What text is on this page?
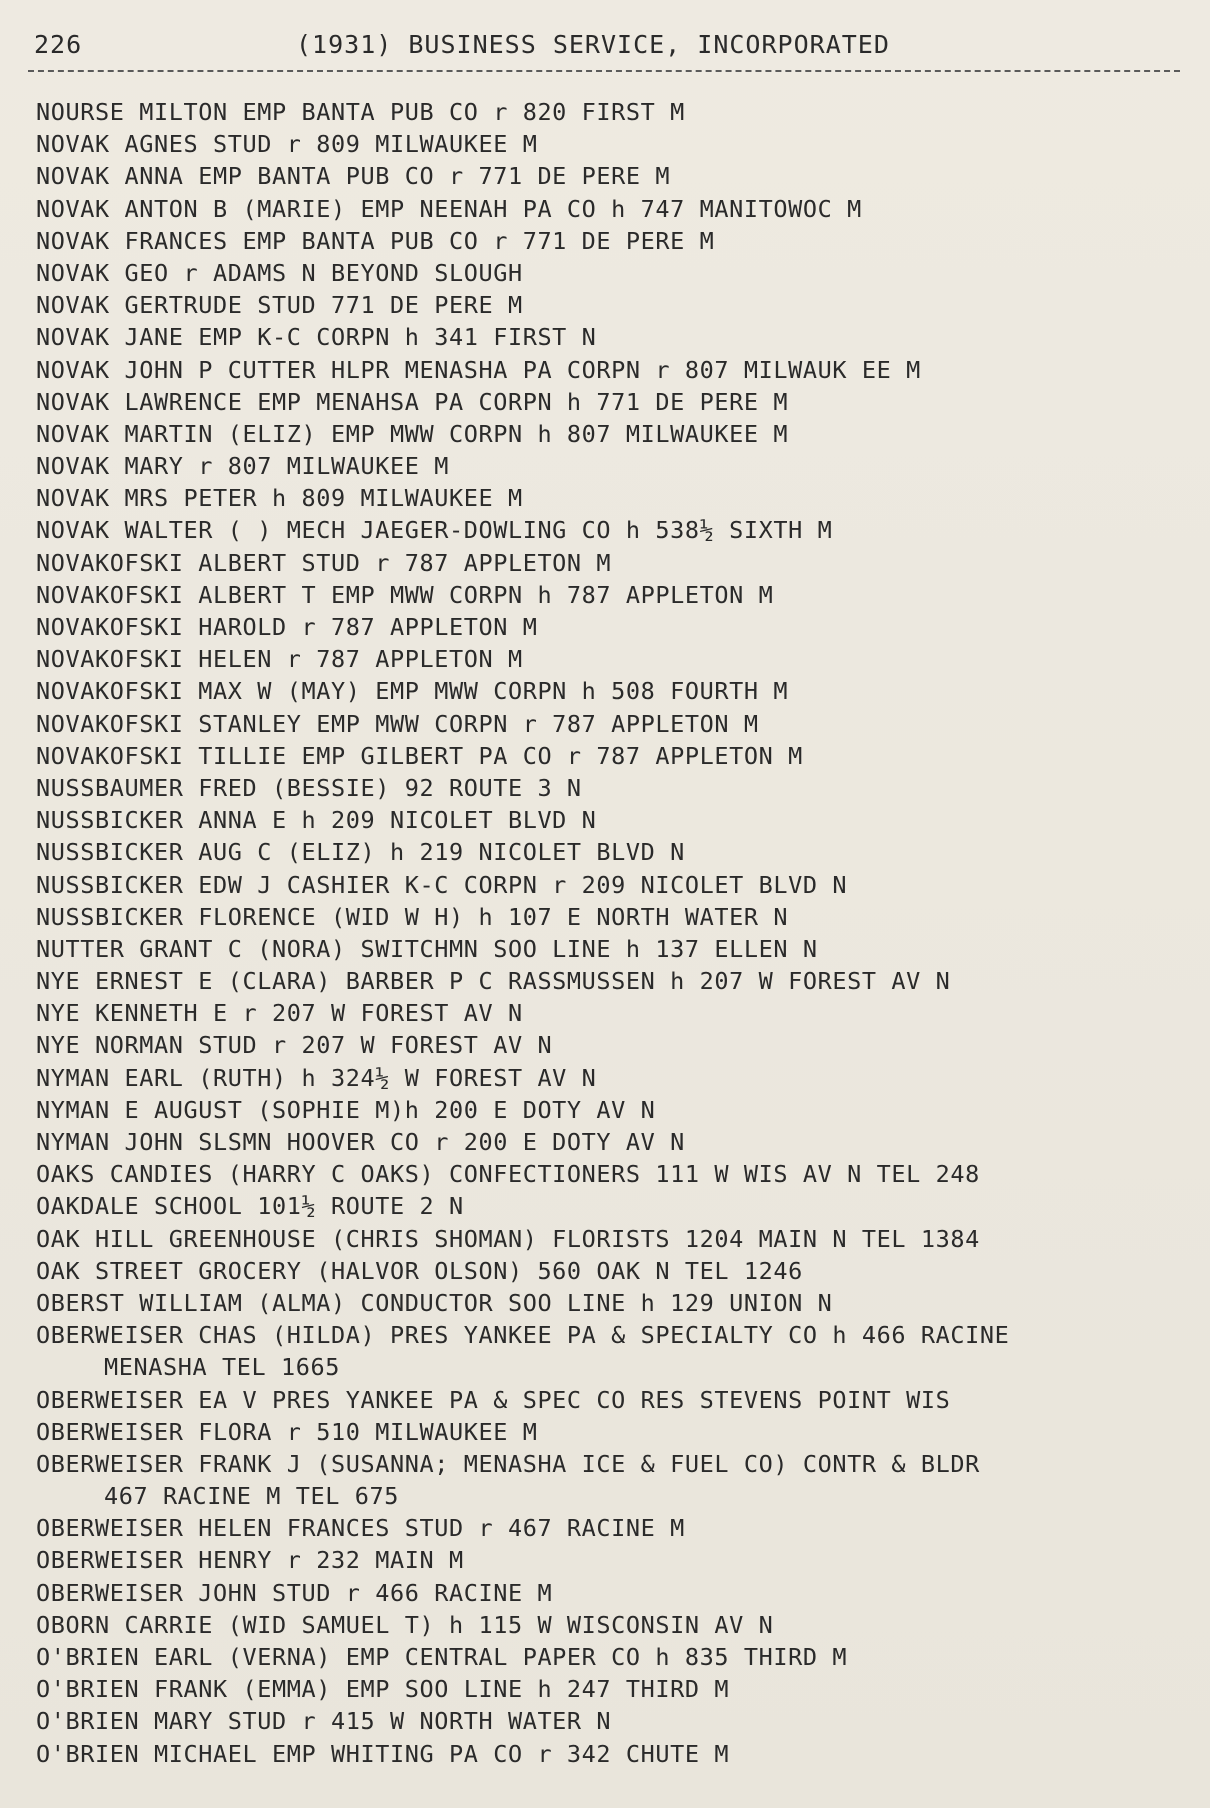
226	(1931) BUSINESS SERVICE, INCORPORATED
NOURSE MILTON EMP BANTA PUB CO r 820 FIRST M
NOVAK AGNES STUD r 809 MILWAUKEE M
NOVAK ANNA EMP BANTA PUB CO r 771 DE PERE M
NOVAK ANTON B (MARIE) EMP NEENAH PA CO h 747 MANITOWOC M
NOVAK FRANCES EMP BANTA PUB CO r 771 DE PERE M
NOVAK GEO r ADAMS N BEYOND SLOUGH
NOVAK GERTRUDE STUD 771 DE PERE M
NOVAK JANE EMP K-C CORPN h 341 FIRST N
NOVAK JOHN P CUTTER HLPR MENASHA PA CORPN r 807 MILWAUK EE M
NOVAK LAWRENCE EMP MENAHSA PA CORPN h 771 DE PERE M
NOVAK MARTIN (ELIZ) EMP MWW CORPN h 807 MILWAUKEE M
NOVAK MARY r 807 MILWAUKEE M
NOVAK MRS PETER h 809 MILWAUKEE M
NOVAK WALTER ( ) MECH JAEGER-DOWLING CO h 538½ SIXTH M
NOVAKOFSKI ALBERT STUD r 787 APPLETON M
NOVAKOFSKI ALBERT T EMP MWW CORPN h 787 APPLETON M
NOVAKOFSKI HAROLD r 787 APPLETON M
NOVAKOFSKI HELEN r 787 APPLETON M
NOVAKOFSKI MAX W (MAY) EMP MWW CORPN h 508 FOURTH M
NOVAKOFSKI STANLEY EMP MWW CORPN r 787 APPLETON M
NOVAKOFSKI TILLIE EMP GILBERT PA CO r 787 APPLETON M
NUSSBAUMER FRED (BESSIE) 92 ROUTE 3 N
NUSSBICKER ANNA E h 209 NICOLET BLVD N
NUSSBICKER AUG C (ELIZ) h 219 NICOLET BLVD N
NUSSBICKER EDW J CASHIER K-C CORPN r 209 NICOLET BLVD N
NUSSBICKER FLORENCE (WID W H) h 107 E NORTH WATER N
NUTTER GRANT C (NORA) SWITCHMN SOO LINE h 137 ELLEN N
NYE ERNEST E (CLARA) BARBER P C RASSMUSSEN h 207 W FOREST AV N
NYE KENNETH E r 207 W FOREST AV N
NYE NORMAN STUD r 207 W FOREST AV N
NYMAN EARL (RUTH) h 324½ W FOREST AV N
NYMAN E AUGUST (SOPHIE M)h 200 E DOTY AV N
NYMAN JOHN SLSMN HOOVER CO r 200 E DOTY AV N
OAKS CANDIES (HARRY C OAKS) CONFECTIONERS 111 W WIS AV N TEL 248
OAKDALE SCHOOL 101½ ROUTE 2 N
OAK HILL GREENHOUSE (CHRIS SHOMAN) FLORISTS 1204 MAIN N TEL 1384
OAK STREET GROCERY (HALVOR OLSON) 560 OAK N TEL 1246
OBERST WILLIAM (ALMA) CONDUCTOR SOO LINE h 129 UNION N
OBERWEISER CHAS (HILDA) PRES YANKEE PA & SPECIALTY CO h 466 RACINE
MENASHA TEL 1665
OBERWEISER EA V PRES YANKEE PA & SPEC CO RES STEVENS POINT WIS
OBERWEISER FLORA r 510 MILWAUKEE M
OBERWEISER FRANK J (SUSANNA; MENASHA ICE & FUEL CO) CONTR & BLDR
467 RACINE M TEL 675
OBERWEISER HELEN FRANCES STUD r 467 RACINE M
OBERWEISER HENRY r 232 MAIN M
OBERWEISER JOHN STUD r 466 RACINE M
OBORN CARRIE (WID SAMUEL T) h 115 W WISCONSIN AV N
O'BRIEN EARL (VERNA) EMP CENTRAL PAPER CO h 835 THIRD M
O'BRIEN FRANK (EMMA) EMP SOO LINE h 247 THIRD M
O'BRIEN MARY STUD r 415 W NORTH WATER N
O'BRIEN MICHAEL EMP WHITING PA CO r 342 CHUTE M
